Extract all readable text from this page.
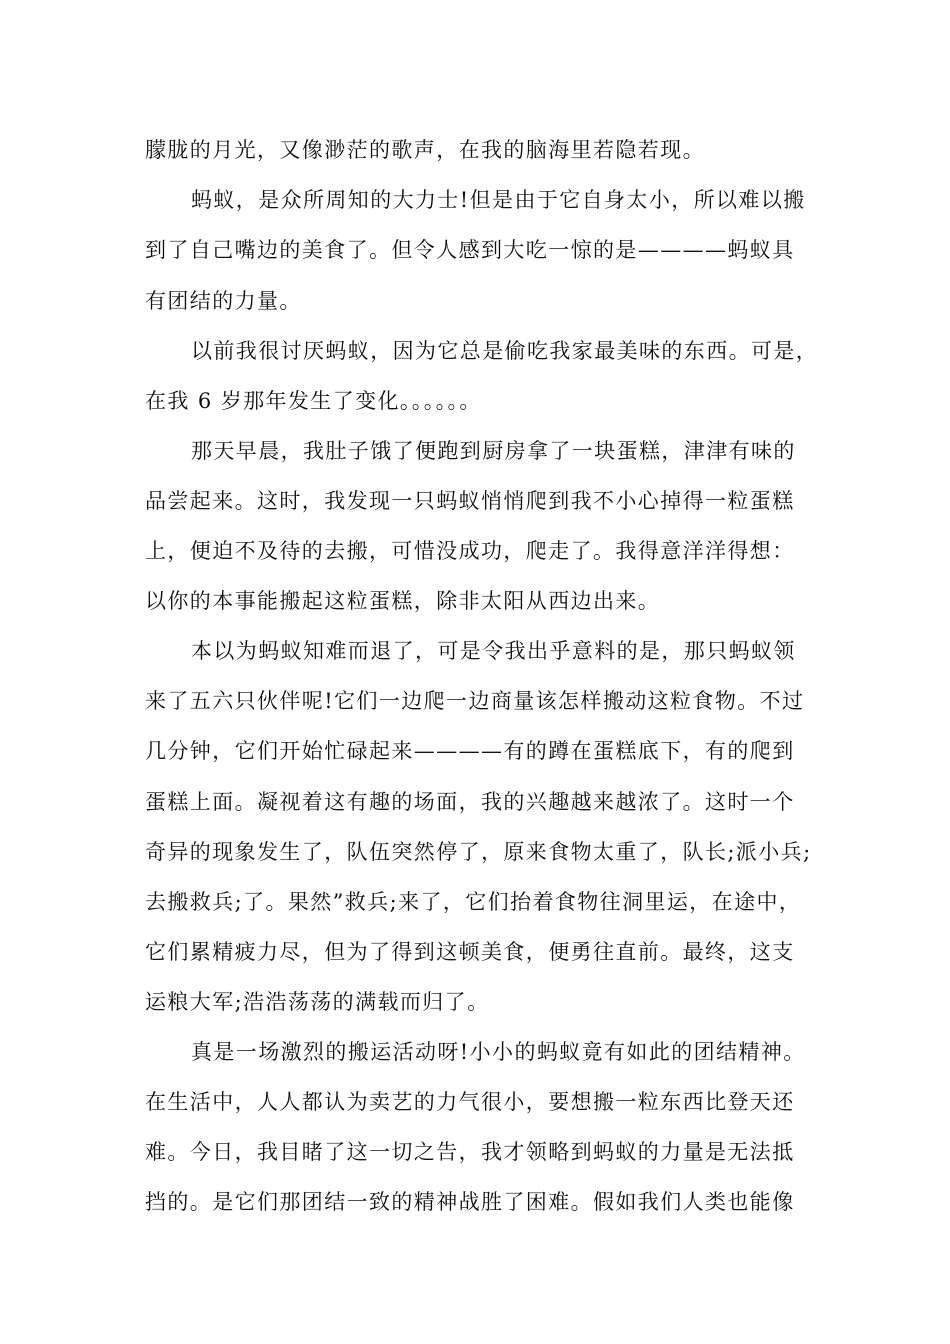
朦胧的月光，又像渺茫的歌声，在我的脑海里若隐若现。
蚂蚁，是众所周知的大力士!但是由于它自身太小，所以难以搬
到了自己嘴边的美食了。但令人感到大吃一惊的是————蚂蚁具
有团结的力量。
以前我很讨厌蚂蚁，因为它总是偷吃我家最美味的东西。可是，
在我 6 岁那年发生了变化。。。。。。
那天早晨，我肚子饿了便跑到厨房拿了一块蛋糕，津津有味的
品尝起来。这时，我发现一只蚂蚁悄悄爬到我不小心掉得一粒蛋糕
上，便迫不及待的去搬，可惜没成功，爬走了。我得意洋洋得想：
以你的本事能搬起这粒蛋糕，除非太阳从西边出来。
本以为蚂蚁知难而退了，可是令我出乎意料的是，那只蚂蚁领
来了五六只伙伴呢!它们一边爬一边商量该怎样搬动这粒食物。不过
几分钟，它们开始忙碌起来————有的蹲在蛋糕底下，有的爬到
蛋糕上面。凝视着这有趣的场面，我的兴趣越来越浓了。这时一个
奇异的现象发生了，队伍突然停了，原来食物太重了，队长;派小兵;
去搬救兵;了。果然”救兵;来了，它们抬着食物往洞里运，在途中，
它们累精疲力尽，但为了得到这顿美食，便勇往直前。最终，这支
运粮大军;浩浩荡荡的满载而归了。
真是一场激烈的搬运活动呀!小小的蚂蚁竟有如此的团结精神。
在生活中，人人都认为卖艺的力气很小，要想搬一粒东西比登天还
难。今日，我目睹了这一切之告，我才领略到蚂蚁的力量是无法抵
挡的。是它们那团结一致的精神战胜了困难。假如我们人类也能像
